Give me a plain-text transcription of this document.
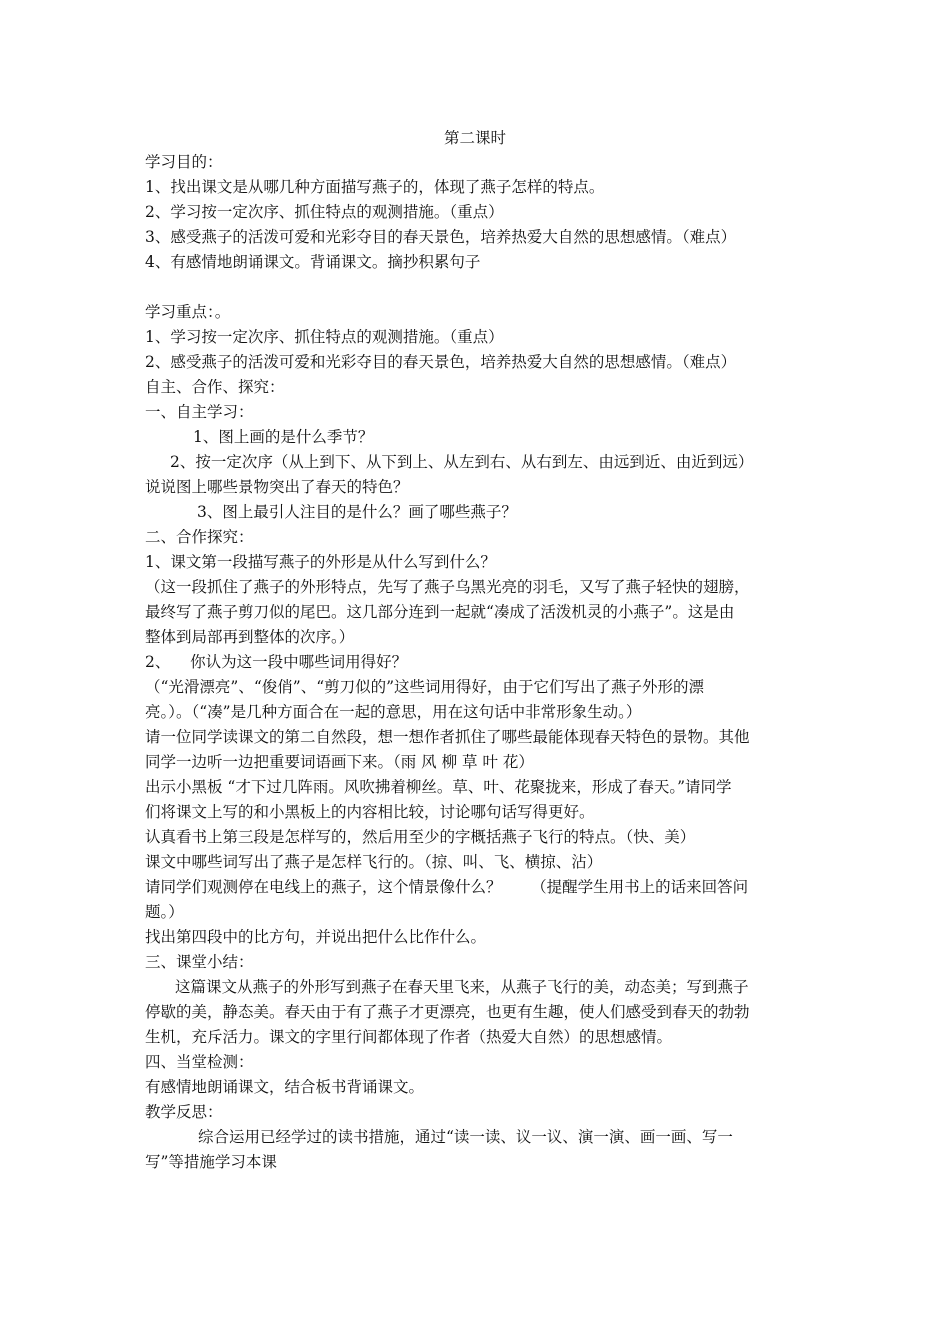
第二课时
学习目的：
1、找出课文是从哪几种方面描写燕子的，体现了燕子怎样的特点。
2、学习按一定次序、抓住特点的观测措施。（重点）
3、感受燕子的活泼可爱和光彩夺目的春天景色，培养热爱大自然的思想感情。（难点）
4、有感情地朗诵课文。背诵课文。摘抄积累句子
学习重点：。
1、学习按一定次序、抓住特点的观测措施。（重点）
2、感受燕子的活泼可爱和光彩夺目的春天景色，培养热爱大自然的思想感情。（难点）
自主、合作、探究：
一、自主学习：
1、图上画的是什么季节？
2、按一定次序（从上到下、从下到上、从左到右、从右到左、由远到近、由近到远）
说说图上哪些景物突出了春天的特色？
3、图上最引人注目的是什么？画了哪些燕子？
二、合作探究：
1、课文第一段描写燕子的外形是从什么写到什么？
（这一段抓住了燕子的外形特点，先写了燕子乌黑光亮的羽毛，又写了燕子轻快的翅膀，
最终写了燕子剪刀似的尾巴。这几部分连到一起就“凑成了活泼机灵的小燕子”。这是由
整体到局部再到整体的次序。）
2、    你认为这一段中哪些词用得好？
（“光滑漂亮”、“俊俏”、“剪刀似的”这些词用得好，由于它们写出了燕子外形的漂
亮。）。（“凑”是几种方面合在一起的意思，用在这句话中非常形象生动。）
请一位同学读课文的第二自然段，想一想作者抓住了哪些最能体现春天特色的景物。其他
同学一边听一边把重要词语画下来。（雨 风 柳 草 叶 花）
出示小黑板 “才下过几阵雨。风吹拂着柳丝。草、叶、花聚拢来，形成了春天。”请同学
们将课文上写的和小黑板上的内容相比较，讨论哪句话写得更好。
认真看书上第三段是怎样写的，然后用至少的字概括燕子飞行的特点。（快、美）
课文中哪些词写出了燕子是怎样飞行的。（掠、叫、飞、横掠、沾）
请同学们观测停在电线上的燕子，这个情景像什么？      （提醒学生用书上的话来回答问
题。）
找出第四段中的比方句，并说出把什么比作什么。
三、课堂小结：
这篇课文从燕子的外形写到燕子在春天里飞来，从燕子飞行的美，动态美；写到燕子
停歇的美，静态美。春天由于有了燕子才更漂亮，也更有生趣，使人们感受到春天的勃勃
生机，充斥活力。课文的字里行间都体现了作者（热爱大自然）的思想感情。
四、当堂检测：
有感情地朗诵课文，结合板书背诵课文。
教学反思：
综合运用已经学过的读书措施，通过“读一读、议一议、演一演、画一画、写一
写”等措施学习本课
